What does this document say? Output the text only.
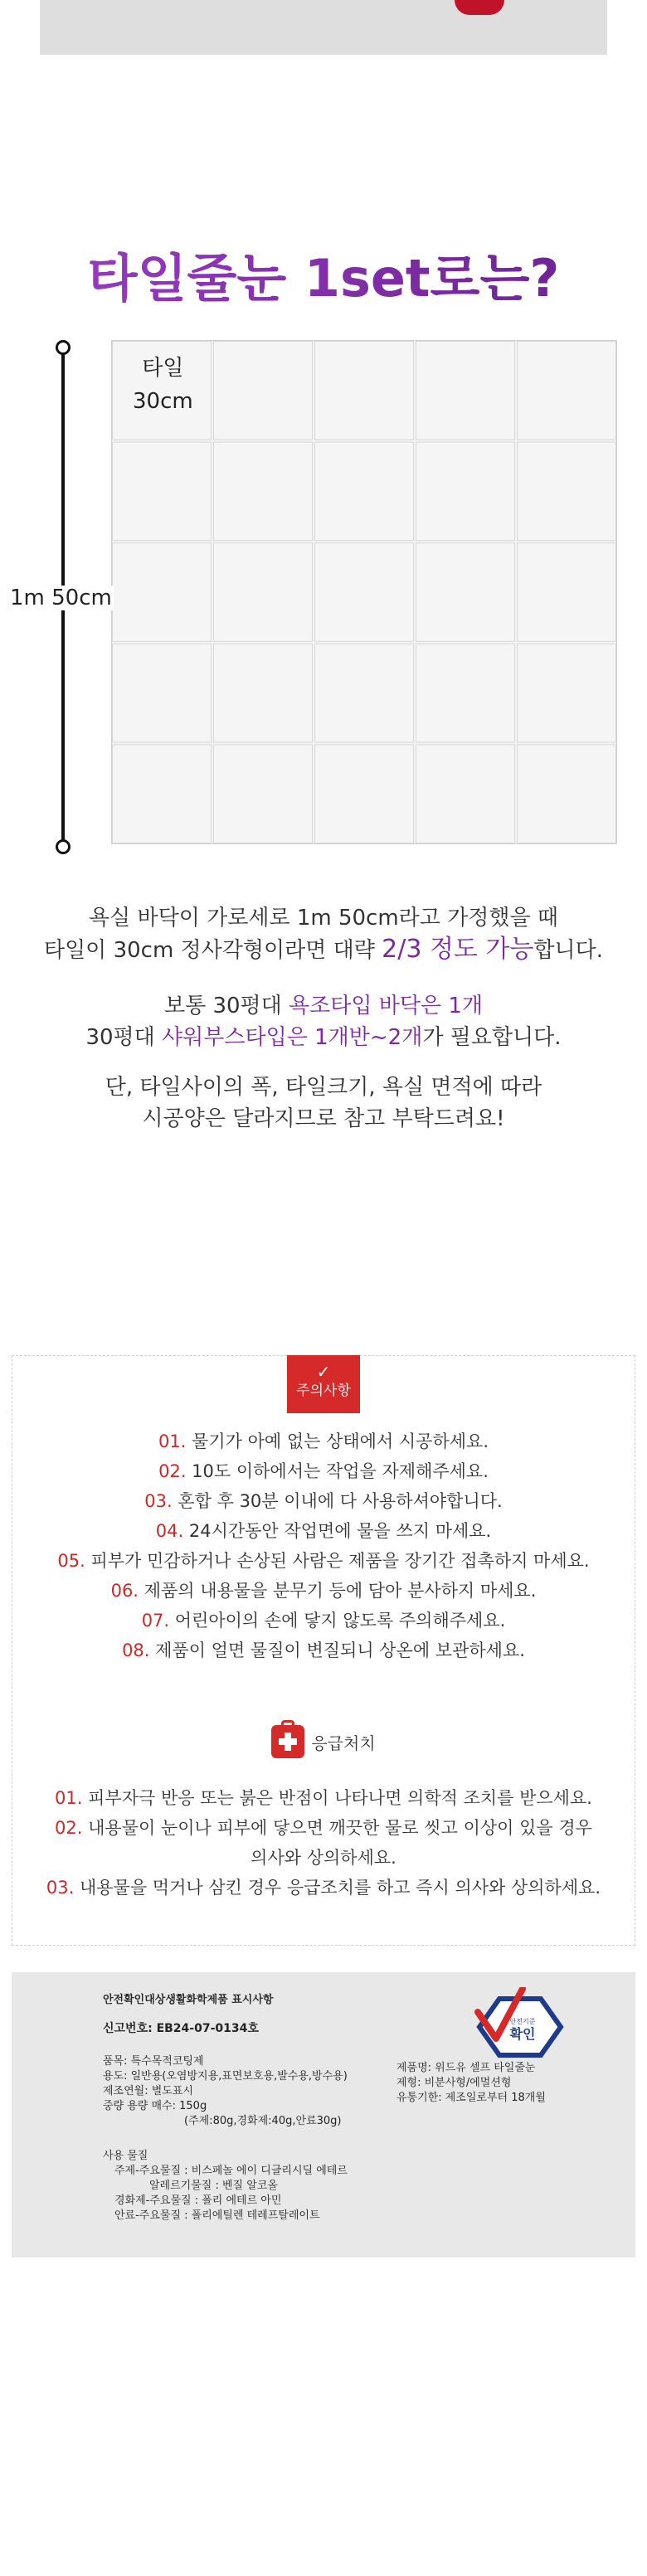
타일줄눈 1set로는?
타일
30cm
1m 50cm
욕실 바닥이 가로세로 1m 50cm라고 가정했을 때
타일이 30cm 정사각형이라면 대략 2/3 정도 가능합니다.
보통 30평대 욕조타입 바닥은 1개
30평대 샤워부스타입은 1개반~2개가 필요합니다.
단, 타일사이의 폭, 타일크기, 욕실 면적에 따라
시공양은 달라지므로 참고 부탁드려요!
✓
주의사항
01. 물기가 아예 없는 상태에서 시공하세요.
02. 10도 이하에서는 작업을 자제해주세요.
03. 혼합 후 30분 이내에 다 사용하셔야합니다.
04. 24시간동안 작업면에 물을 쓰지 마세요.
05. 피부가 민감하거나 손상된 사람은 제품을 장기간 접촉하지 마세요.
06. 제품의 내용물을 분무기 등에 담아 분사하지 마세요.
07. 어린아이의 손에 닿지 않도록 주의해주세요.
08. 제품이 얼면 물질이 변질되니 상온에 보관하세요.
응급처치
01. 피부자극 반응 또는 붉은 반점이 나타나면 의학적 조치를 받으세요.
02. 내용물이 눈이나 피부에 닿으면 깨끗한 물로 씻고 이상이 있을 경우
의사와 상의하세요.
03. 내용물을 먹거나 삼킨 경우 응급조치를 하고 즉시 의사와 상의하세요.
안전확인대상생활화학제품 표시사항
신고번호: EB24-07-0134호
품목: 특수목적코팅제
용도: 일반용(오염방지용,표면보호용,발수용,방수용)
제조연월: 별도표시
중량 용량 매수: 150g
(주제:80g,경화제:40g,안료30g)
제품명: 위드유 셀프 타일줄눈
제형: 비분사형/에멀션형
유통기한: 제조일로부터 18개월
사용 물질
주제-주요물질 : 비스페놀 에이 디글리시딜 에테르
알레르기물질 : 벤질 알코올
경화제-주요물질 : 폴리 에테르 아민
안료-주요물질 : 폴리에틸렌 테레프탈레이트
안전기준
확인
